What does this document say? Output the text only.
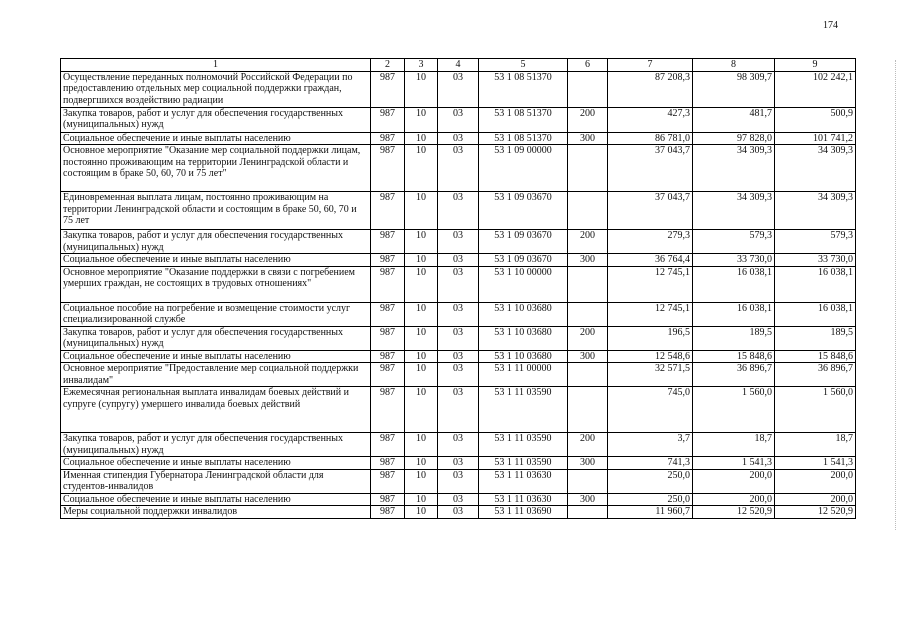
174
1	2	3	4	5	6	7	8	9
Осуществление переданных полномочий Российской Федерации по предоставлению отдельных мер социальной поддержки граждан, подвергшихся воздействию радиации	987	10	03	53 1 08 51370		87 208,3	98 309,7	102 242,1
Закупка товаров, работ и услуг для обеспечения государственных (муниципальных) нужд	987	10	03	53 1 08 51370	200	427,3	481,7	500,9
Социальное обеспечение и иные выплаты населению	987	10	03	53 1 08 51370	300	86 781,0	97 828,0	101 741,2
Основное мероприятие "Оказание мер социальной поддержки лицам, постоянно проживающим на территории Ленинградской области и состоящим в браке 50, 60, 70 и 75 лет"	987	10	03	53 1 09 00000		37 043,7	34 309,3	34 309,3
Единовременная выплата лицам, постоянно проживающим на территории Ленинградской области и состоящим в браке 50, 60, 70 и 75 лет	987	10	03	53 1 09 03670		37 043,7	34 309,3	34 309,3
Закупка товаров, работ и услуг для обеспечения государственных (муниципальных) нужд	987	10	03	53 1 09 03670	200	279,3	579,3	579,3
Социальное обеспечение и иные выплаты населению	987	10	03	53 1 09 03670	300	36 764,4	33 730,0	33 730,0
Основное мероприятие "Оказание поддержки в связи с погребением умерших граждан, не состоящих в трудовых отношениях"	987	10	03	53 1 10 00000		12 745,1	16 038,1	16 038,1
Социальное пособие на погребение и возмещение стоимости услуг специализированной службе	987	10	03	53 1 10 03680		12 745,1	16 038,1	16 038,1
Закупка товаров, работ и услуг для обеспечения государственных (муниципальных) нужд	987	10	03	53 1 10 03680	200	196,5	189,5	189,5
Социальное обеспечение и иные выплаты населению	987	10	03	53 1 10 03680	300	12 548,6	15 848,6	15 848,6
Основное мероприятие "Предоставление мер социальной поддержки инвалидам"	987	10	03	53 1 11 00000		32 571,5	36 896,7	36 896,7
Ежемесячная региональная выплата инвалидам боевых действий и супруге (супругу) умершего инвалида боевых действий	987	10	03	53 1 11 03590		745,0	1 560,0	1 560,0
Закупка товаров, работ и услуг для обеспечения государственных (муниципальных) нужд	987	10	03	53 1 11 03590	200	3,7	18,7	18,7
Социальное обеспечение и иные выплаты населению	987	10	03	53 1 11 03590	300	741,3	1 541,3	1 541,3
Именная стипендия Губернатора Ленинградской области для студентов-инвалидов	987	10	03	53 1 11 03630		250,0	200,0	200,0
Социальное обеспечение и иные выплаты населению	987	10	03	53 1 11 03630	300	250,0	200,0	200,0
Меры социальной поддержки инвалидов	987	10	03	53 1 11 03690		11 960,7	12 520,9	12 520,9
